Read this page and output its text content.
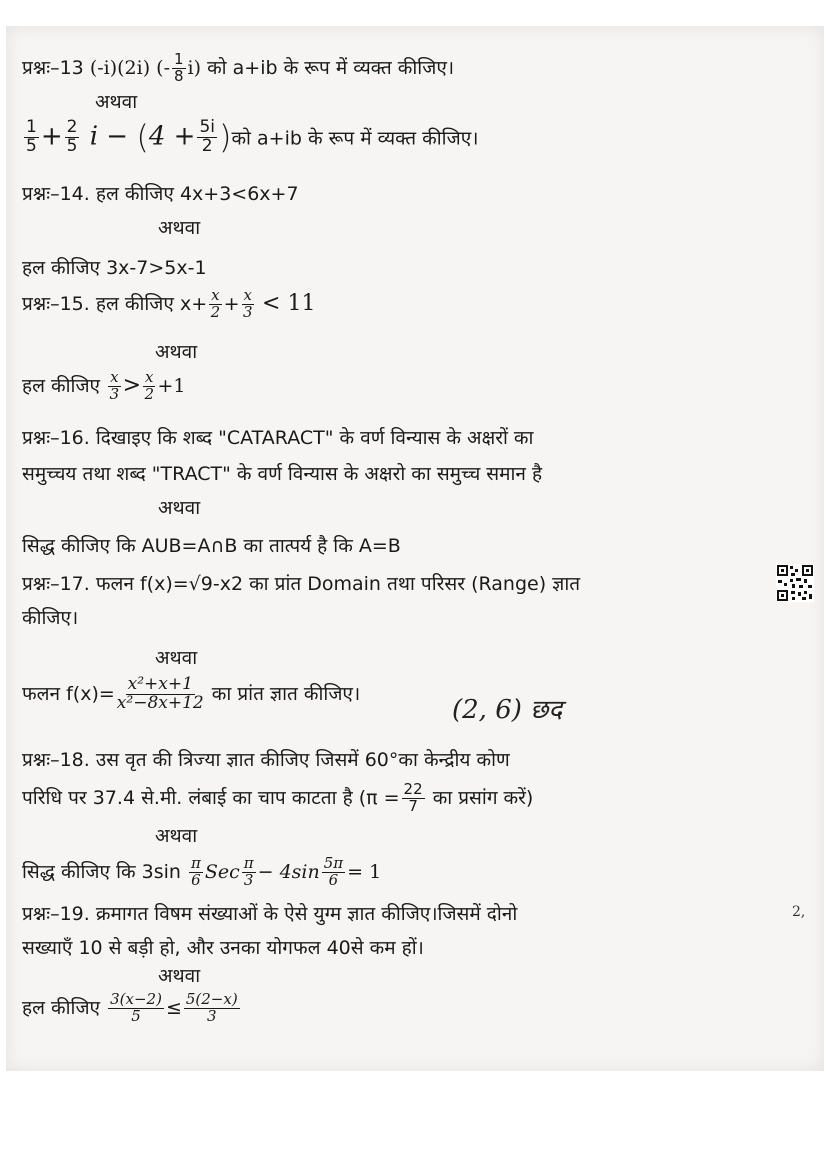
प्रश्नः–13 (-i)(2i) (- $\frac{1}{8} i$) को a+ib के रूप में व्यक्त कीजिए।
अथवा
$\frac{1}{5} + \frac{2}{5}$ $i - (4 + \frac{5i}{2}$ )को a+ib के रूप में व्यक्त कीजिए।
प्रश्नः–14. हल कीजिए 4x+3<6x+7
अथवा
हल कीजिए 3x-7>5x-1
प्रश्नः–15. हल कीजिए $x+ \frac{x}{2} + \frac{x}{3} < 11$
अथवा
हल कीजिए $\frac{x}{3} > \frac{x}{2} +1$
प्रश्नः–16. दिखाइए कि शब्द "CATARACT" के वर्ण विन्यास के अक्षरों का
समुच्चय तथा शब्द "TRACT" के वर्ण विन्यास के अक्षरो का समुच्च समान है
अथवा
सिद्ध कीजिए कि AUB=A∩B का तात्पर्य है कि A=B
प्रश्नः–17. फलन f(x)=√9-x2 का प्रांत Domain तथा परिसर (Range) ज्ञात
कीजिए।
अथवा
फलन $f(x)= \frac{\text{x²+x+1}}{\text{x²−8x+12}}$ का प्रांत ज्ञात कीजिए।
(2, 6) छद
प्रश्नः–18. उस वृत की त्रिज्या ज्ञात कीजिए जिसमें 60°का केन्द्रीय कोण
परिधि पर 37.4 से.मी. लंबाई का चाप काटता है ($\pi = \frac{22}{7}$ का प्रसांग करें)
अथवा
सिद्ध कीजिए कि $3\sin \frac{\pi}{6}$ Sec $\frac{\pi}{3} - 4\sin \frac{5\pi}{6} = 1$
प्रश्नः–19. क्रमागत विषम संख्याओं के ऐसे युग्म ज्ञात कीजिए।जिसमें दोनो
सख्याएँ 10 से बड़ी हो, और उनका योगफल 40से कम हों।
अथवा
हल कीजिए $\frac{3(x-2)}{5} \le \frac{5(2-x)}{3}$
2,
